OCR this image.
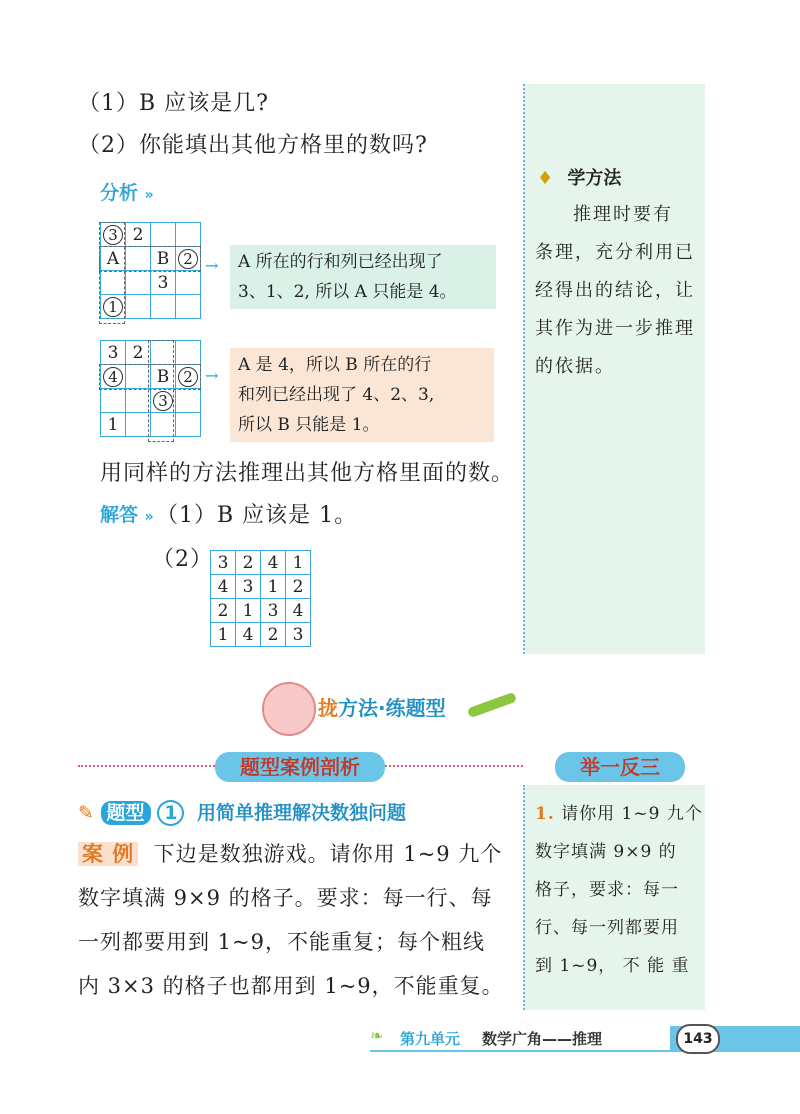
（1）B 应该是几?
（2）你能填出其他方格里的数吗?
分析 »
3	2		
A		B	2
		3	
1			
→ A 所在的行和列已经出现了
3、1、2, 所以 A 只能是 4。
3	2		
4		B	2
		3	
1			
→
A 是 4，所以 B 所在的行
和列已经出现了 4、2、3,
所以 B 只能是 1。
用同样的方法推理出其他方格里面的数。
解答 » （1）B 应该是 1。
（2） 3	2	4	1
4	3	1	2
2	1	3	4
1	4	2	3
♦ 学方法
推理时要有
条理，充分利用已
经得出的结论，让
其作为进一步推理
的依据。
拢方法·练题型
题型案例剖析	举一反三
✎ 题型 1 用简单推理解决数独问题
案 例 下边是数独游戏。请你用 1~9 九个
数字填满 9×9 的格子。要求：每一行、每
一列都要用到 1~9，不能重复；每个粗线
内 3×3 的格子也都用到 1~9，不能重复。
1. 请你用 1~9 九个
数字填满 9×9 的
格子，要求：每一
行、每一列都要用
到 1~9， 不 能 重
❧ 第九单元 数学广角——推理	143
